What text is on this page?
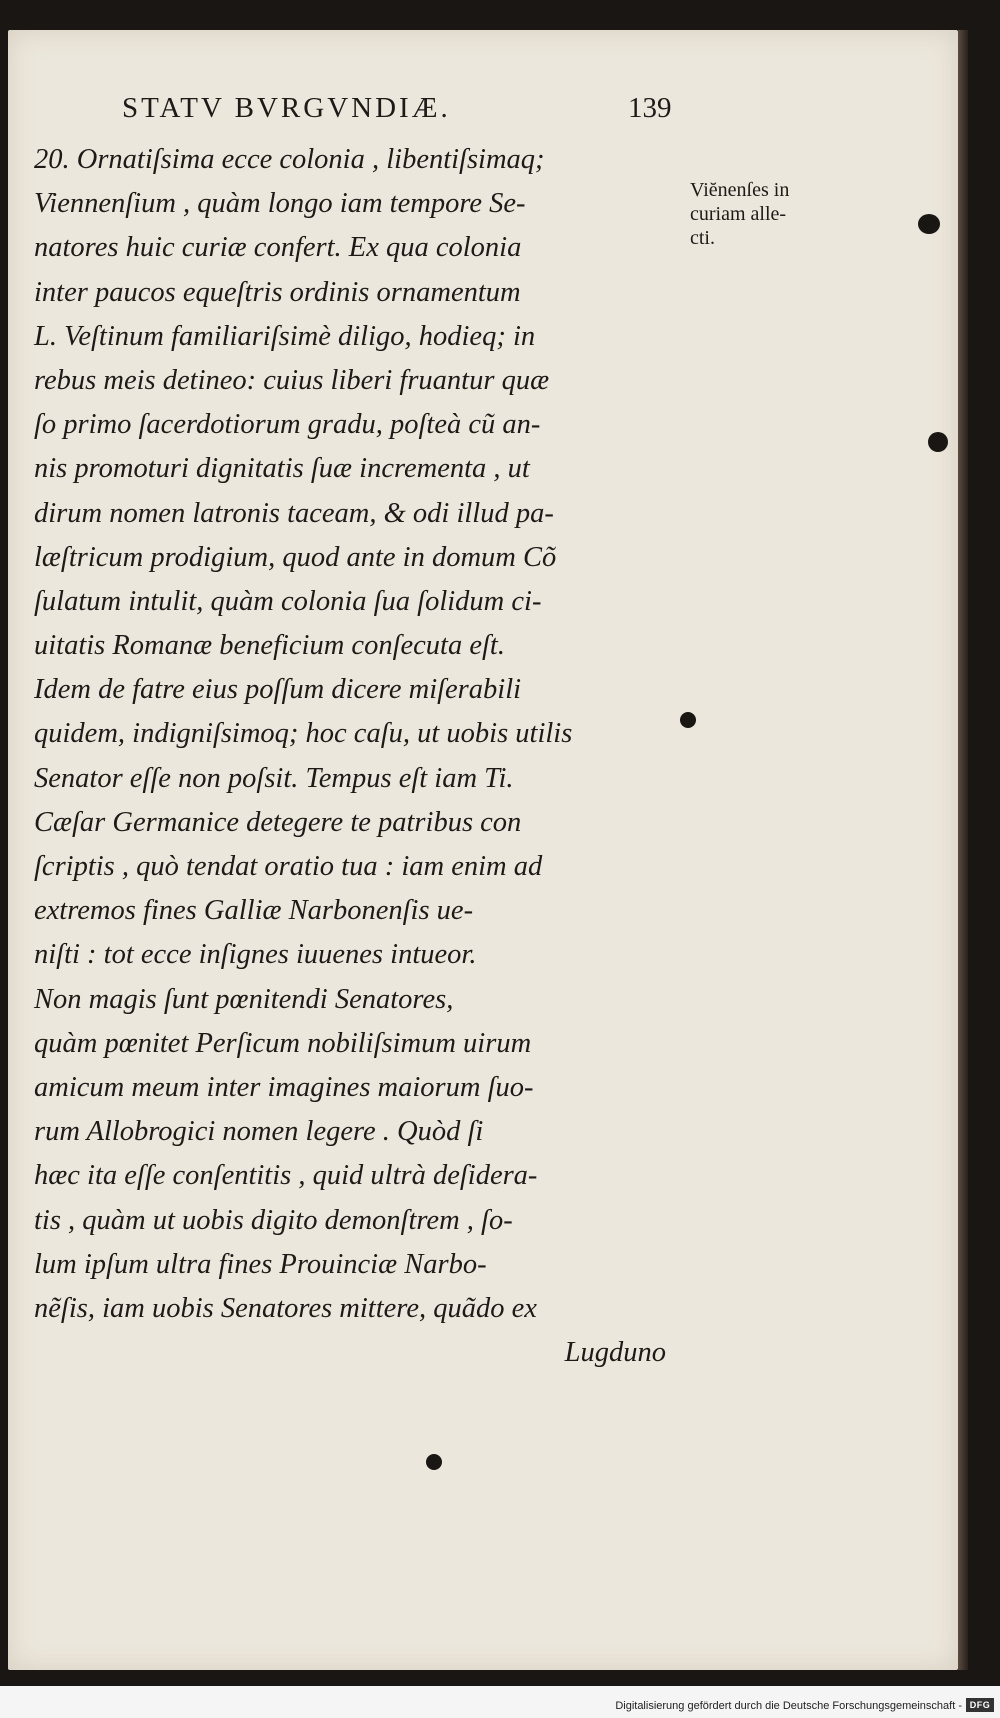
STATV BVRGVNDIÆ.	139
20. Ornatiſsima ecce colonia , libentiſsimaq;
Viennenſium , quàm longo iam tempore Se-
natores huic curiæ confert. Ex qua colonia
inter paucos equeſtris ordinis ornamentum
L. Veſtinum familiariſsimè diligo, hodieq; in
rebus meis detineo: cuius liberi fruantur quæ
ſo primo ſacerdotiorum gradu, poſteà cũ an-
nis promoturi dignitatis ſuæ incrementa , ut
dirum nomen latronis taceam, & odi illud pa-
læſtricum prodigium, quod ante in domum Cõ
ſulatum intulit, quàm colonia ſua ſolidum ci-
uitatis Romanæ beneficium conſecuta eſt.
Idem de fatre eius poſſum dicere miſerabili
quidem, indigniſsimoq; hoc caſu, ut uobis utilis
Senator eſſe non poſsit. Tempus eſt iam Ti.
Cæſar Germanice detegere te patribus con
ſcriptis , quò tendat oratio tua : iam enim ad
extremos fines Galliæ Narbonenſis ue-
niſti : tot ecce inſignes iuuenes intueor.
Non magis ſunt pœnitendi Senatores,
quàm pœnitet Perſicum nobiliſsimum uirum
amicum meum inter imagines maiorum ſuo-
rum Allobrogici nomen legere . Quòd ſi
hæc ita eſſe conſentitis , quid ultrà deſidera-
tis , quàm ut uobis digito demonſtrem , ſo-
lum ipſum ultra fines Prouinciæ Narbo-
nẽſis, iam uobis Senatores mittere, quãdo ex
Lugduno
Viĕnenſes in
curiam alle-
cti.
Digitalisierung gefördert durch die Deutsche Forschungsgemeinschaft - DFG
